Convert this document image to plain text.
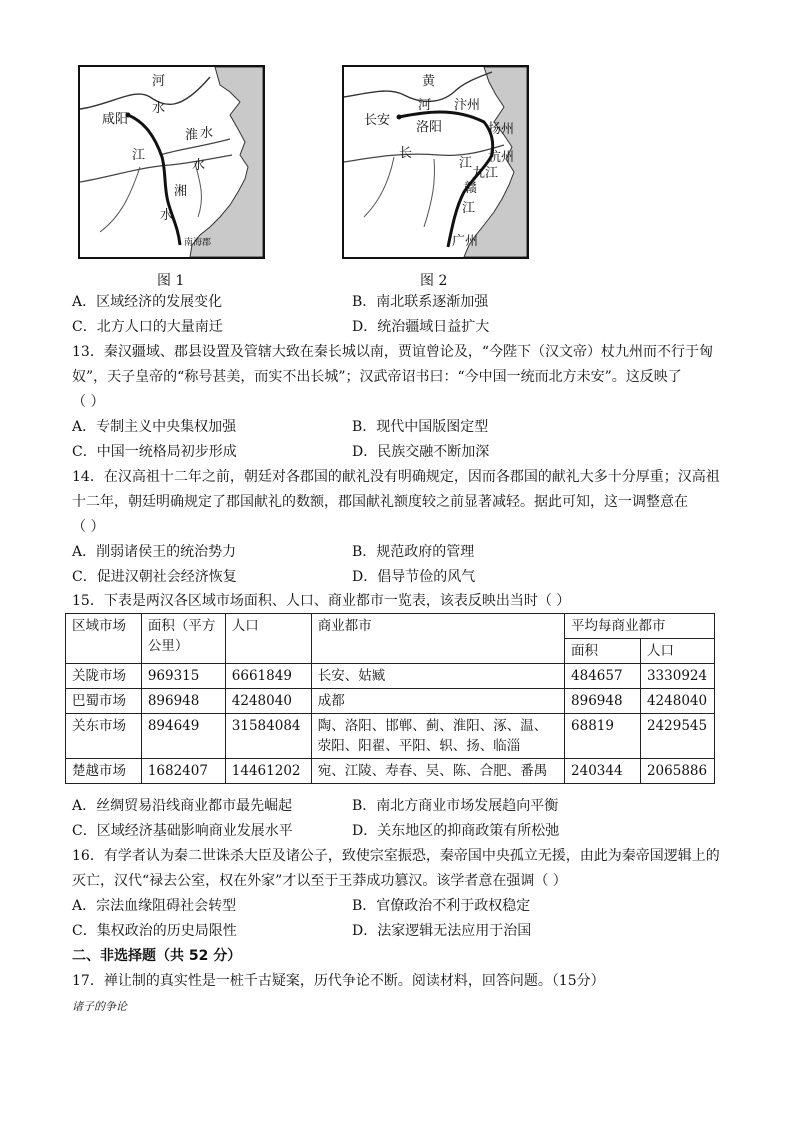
河
水
咸阳
淮 水
江
水
湘
水
南海郡
图 1
黄
长安
河 汴州
洛阳	扬州
长	杭州
江
九江
赣
江
广州
图 2
A．区域经济的发展变化	B．南北联系逐渐加强
C．北方人口的大量南迁	D．统治疆域日益扩大
13．秦汉疆域、郡县设置及管辖大致在秦长城以南，贾谊曾论及，“今陛下（汉文帝）杖九州而不行于匈
奴”，天子皇帝的“称号甚美，而实不出长城”；汉武帝诏书曰：“今中国一统而北方未安”。这反映了
（ ）
A．专制主义中央集权加强	B．现代中国版图定型
C．中国一统格局初步形成	D．民族交融不断加深
14．在汉高祖十二年之前，朝廷对各郡国的献礼没有明确规定，因而各郡国的献礼大多十分厚重；汉高祖
十二年，朝廷明确规定了郡国献礼的数额，郡国献礼额度较之前显著减轻。据此可知，这一调整意在
（ ）
A．削弱诸侯王的统治势力	B．规范政府的管理
C．促进汉朝社会经济恢复	D．倡导节俭的风气
15．下表是两汉各区域市场面积、人口、商业都市一览表，该表反映出当时（ ）
区域市场	面积（平方公里）	人口	商业都市	平均每商业都市	
				面积	人口
关陇市场	969315	6661849	长安、姑臧	484657	3330924
巴蜀市场	896948	4248040	成都	896948	4248040
关东市场	894649	31584084	陶、洛阳、邯郸、蓟、淮阳、涿、温、荥阳、阳翟、平阳、轵、扬、临淄	68819	2429545
楚越市场	1682407	14461202	宛、江陵、寿春、吴、陈、合肥、番禺	240344	2065886
A．丝绸贸易沿线商业都市最先崛起	B．南北方商业市场发展趋向平衡
C．区域经济基础影响商业发展水平	D．关东地区的抑商政策有所松弛
16．有学者认为秦二世诛杀大臣及诸公子，致使宗室振恐，秦帝国中央孤立无援，由此为秦帝国逻辑上的
灭亡，汉代“禄去公室，权在外家”才以至于王莽成功篡汉。该学者意在强调（ ）
A．宗法血缘阻碍社会转型	B．官僚政治不利于政权稳定
C．集权政治的历史局限性	D．法家逻辑无法应用于治国
二、非选择题（共 52 分）
17．禅让制的真实性是一桩千古疑案，历代争论不断。阅读材料，回答问题。（15分）
诸子的争论
